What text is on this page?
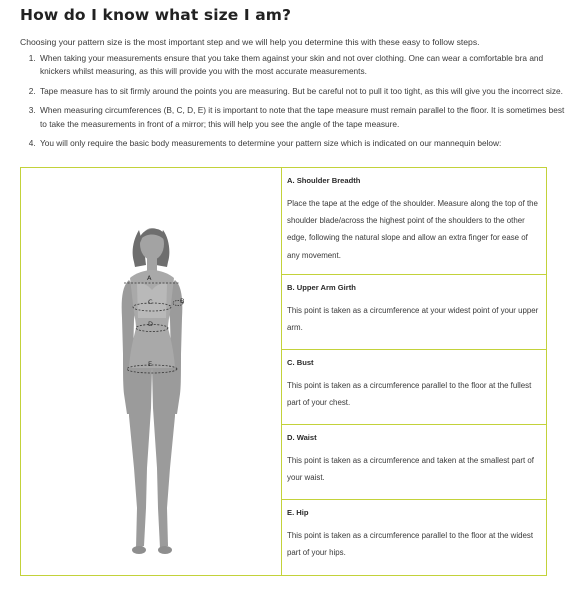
How do I know what size I am?

Choosing your pattern size is the most important step and we will help you determine this with these easy to follow steps.

1. When taking your measurements ensure that you take them against your skin and not over clothing. One can wear a comfortable bra and knickers whilst measuring, as this will provide you with the most accurate measurements.
2. Tape measure has to sit firmly around the points you are measuring. But be careful not to pull it too tight, as this will give you the incorrect size.
3. When measuring circumferences (B, C, D, E) it is important to note that the tape measure must remain parallel to the floor. It is sometimes best to take the measurements in front of a mirror; this will help you see the angle of the tape measure.
4. You will only require the basic body measurements to determine your pattern size which is indicated on our mannequin below:
A
B
C
D
E
A. Shoulder Breadth
Place the tape at the edge of the shoulder. Measure along the top of the shoulder blade/across the highest point of the shoulders to the other edge, following the natural slope and allow an extra finger for ease of any movement.
B. Upper Arm Girth
This point is taken as a circumference at your widest point of your upper arm.
C. Bust
This point is taken as a circumference parallel to the floor at the fullest part of your chest.
D. Waist
This point is taken as a circumference and taken at the smallest part of your waist.
E. Hip
This point is taken as a circumference parallel to the floor at the widest part of your hips.
